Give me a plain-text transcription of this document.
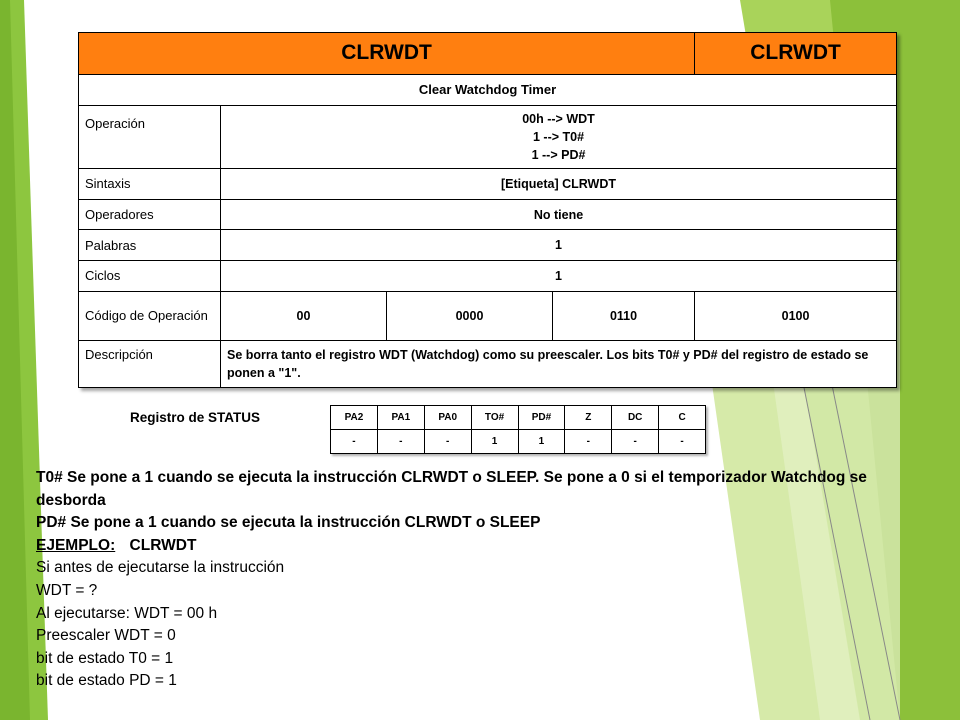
CLRWDT				CLRWDT
Clear Watchdog Timer				
Operación	00h --> WDT
1 --> T0#
1 --> PD#			

Sintaxis	[Etiqueta] CLRWDT			
Operadores	No tiene			
Palabras	1			
Ciclos	1			
Código de Operación	00	0000	0110	0100
Descripción	Se borra tanto el registro WDT (Watchdog) como su preescaler. Los bits T0# y PD# del registro de estado se ponen a "1".			
Registro de STATUS	PA2	PA1	PA0	TO#	PD#	Z	DC	C
-	-	-	1	1	-	-	-
T0# Se pone a 1 cuando se ejecuta la instrucción CLRWDT o SLEEP. Se pone a 0 si el temporizador Watchdog se desborda
PD# Se pone a 1 cuando se ejecuta la instrucción CLRWDT o SLEEP
EJEMPLO: CLRWDT
Si antes de ejecutarse la instrucción
WDT = ?
Al ejecutarse: WDT = 00 h
Preescaler WDT = 0
bit de estado T0 = 1
bit de estado PD = 1
